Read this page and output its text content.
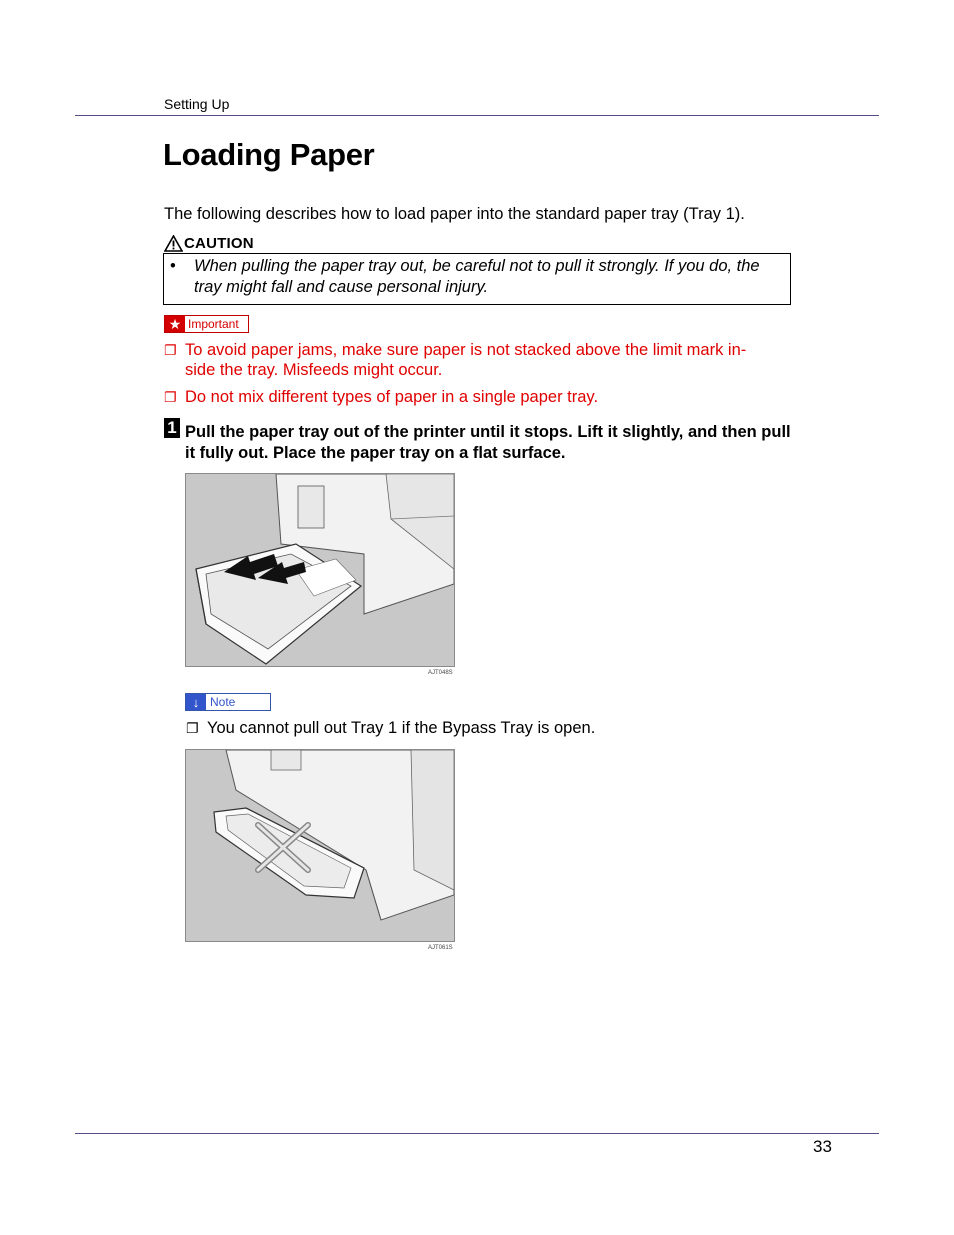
Setting Up
Loading Paper
The following describes how to load paper into the standard paper tray (Tray 1).
CAUTION
• When pulling the paper tray out, be careful not to pull it strongly. If you do, the tray might fall and cause personal injury.
★ Important
❐ To avoid paper jams, make sure paper is not stacked above the limit mark in-
side the tray. Misfeeds might occur.
❐ Do not mix different types of paper in a single paper tray.
1 Pull the paper tray out of the printer until it stops. Lift it slightly, and then pull it fully out. Place the paper tray on a flat surface.
AJT048S
↓ Note
❐ You cannot pull out Tray 1 if the Bypass Tray is open.
AJT061S
33
